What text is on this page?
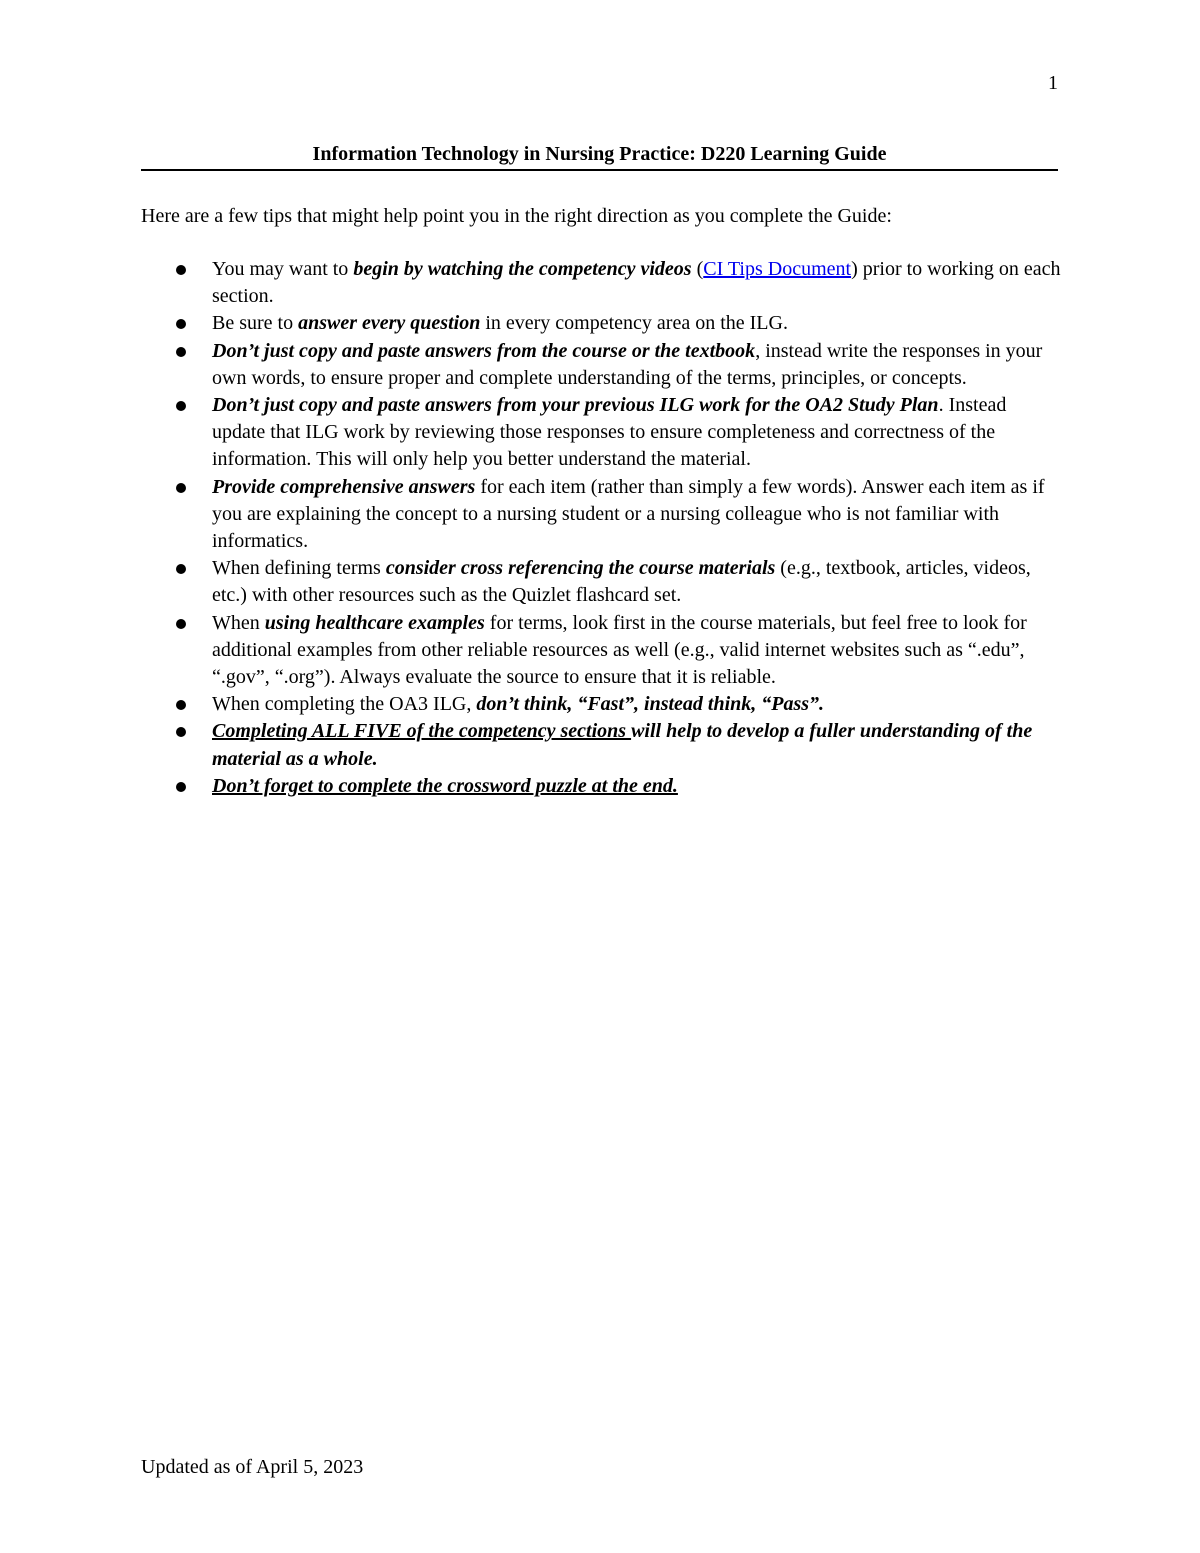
1
Information Technology in Nursing Practice: D220 Learning Guide

Here are a few tips that might help point you in the right direction as you complete the Guide:

You may want to begin by watching the competency videos (CI Tips Document) prior to working on each section.
Be sure to answer every question in every competency area on the ILG.
Don’t just copy and paste answers from the course or the textbook, instead write the responses in your own words, to ensure proper and complete understanding of the terms, principles, or concepts.
Don’t just copy and paste answers from your previous ILG work for the OA2 Study Plan. Instead update that ILG work by reviewing those responses to ensure completeness and correctness of the information. This will only help you better understand the material.
Provide comprehensive answers for each item (rather than simply a few words). Answer each item as if you are explaining the concept to a nursing student or a nursing colleague who is not familiar with informatics.
When defining terms consider cross referencing the course materials (e.g., textbook, articles, videos, etc.) with other resources such as the Quizlet flashcard set.
When using healthcare examples for terms, look first in the course materials, but feel free to look for additional examples from other reliable resources as well (e.g., valid internet websites such as “.edu”, “.gov”, “.org”). Always evaluate the source to ensure that it is reliable.
When completing the OA3 ILG, don’t think, “Fast”, instead think, “Pass”.
Completing ALL FIVE of the competency sections will help to develop a fuller understanding of the material as a whole.
Don’t forget to complete the crossword puzzle at the end.
Updated as of April 5, 2023
